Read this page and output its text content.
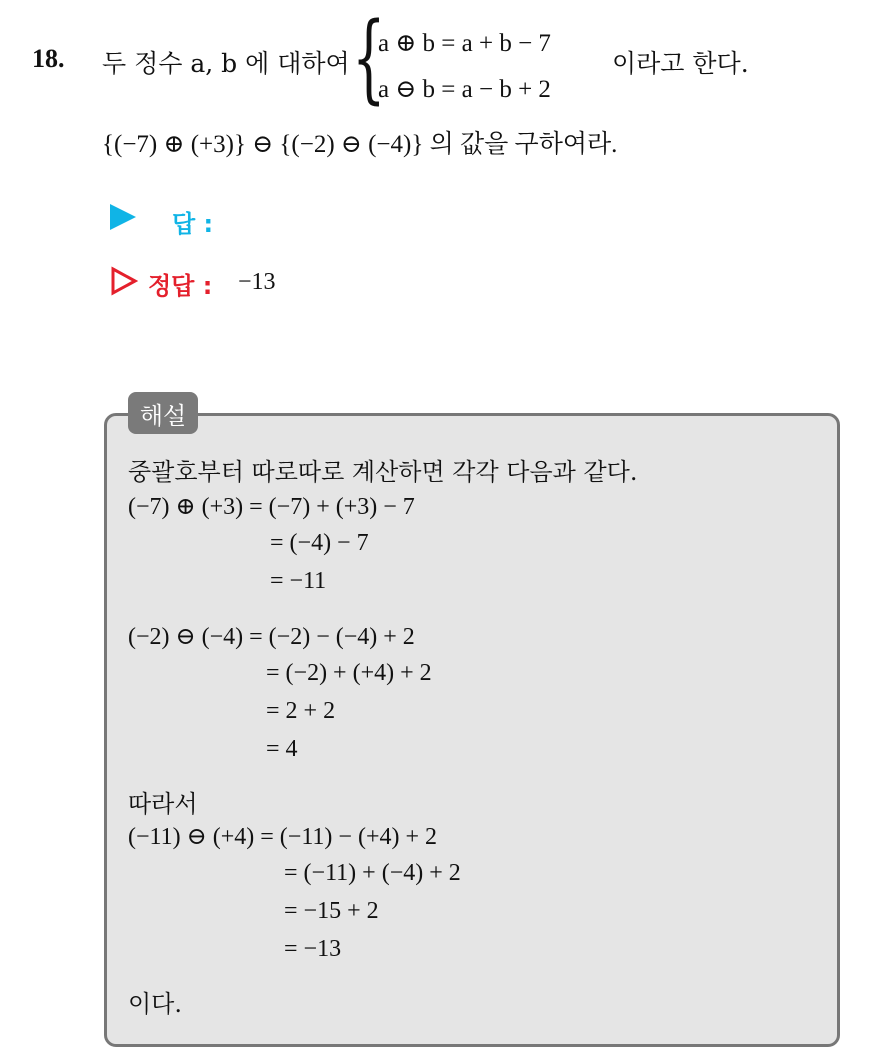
18. 두 정수 a, b 에 대하여 {
a ⊕ b = a + b − 7
a ⊖ b = a − b + 2
이라고 한다.
{(−7) ⊕ (+3)} ⊖ {(−2) ⊖ (−4)} 의 값을 구하여라.
답 :
정답 : −13
해설
중괄호부터 따로따로 계산하면 각각 다음과 같다.
(−7) ⊕ (+3) = (−7) + (+3) − 7
= (−4) − 7
= −11
(−2) ⊖ (−4) = (−2) − (−4) + 2
= (−2) + (+4) + 2
= 2 + 2
= 4
따라서
(−11) ⊖ (+4) = (−11) − (+4) + 2
= (−11) + (−4) + 2
= −15 + 2
= −13
이다.
